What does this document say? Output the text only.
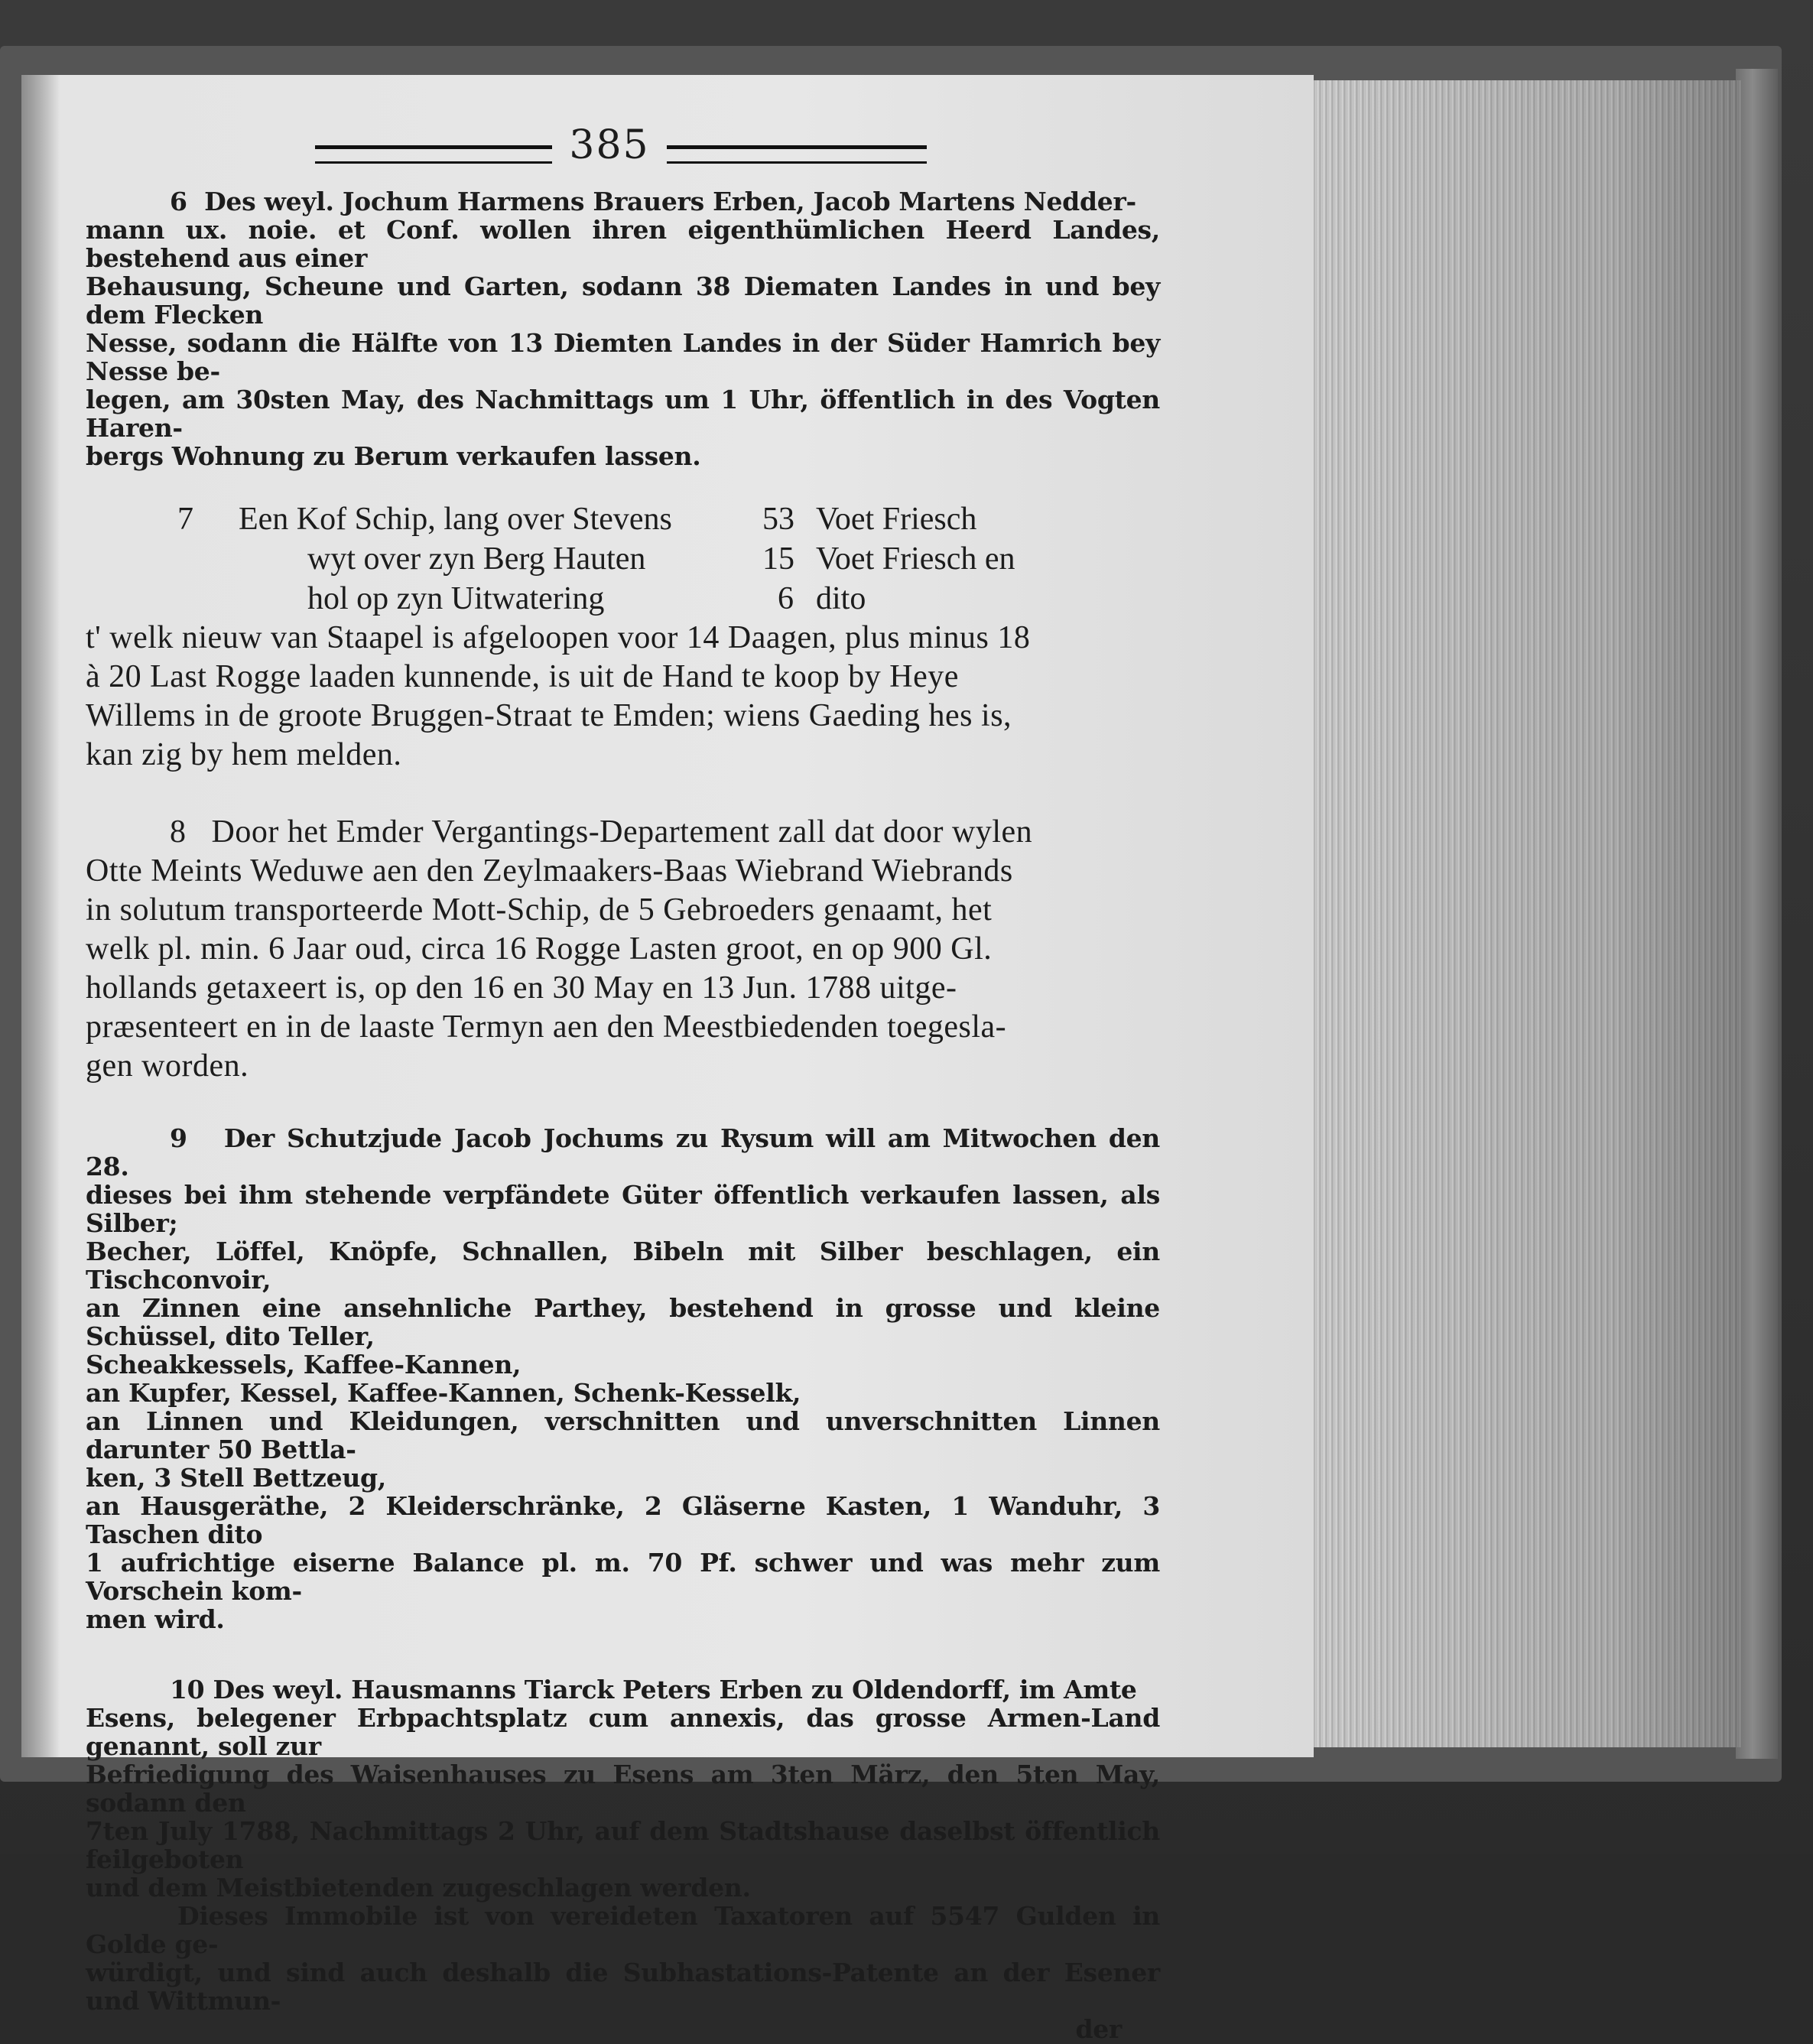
385
6 Des weyl. Jochum Harmens Brauers Erben, Jacob Martens Nedder-
mann ux. noie. et Conf. wollen ihren eigenthümlichen Heerd Landes, bestehend aus einer
Behausung, Scheune und Garten, sodann 38 Diematen Landes in und bey dem Flecken
Nesse, sodann die Hälfte von 13 Diemten Landes in der Süder Hamrich bey Nesse be-
legen, am 30sten May, des Nachmittags um 1 Uhr, öffentlich in des Vogten Haren-
bergs Wohnung zu Berum verkaufen lassen.
7 Een Kof Schip, lang over Stevens	53 Voet Friesch
wyt over zyn Berg Hauten	15 Voet Friesch en
hol op zyn Uitwatering	6 dito
t' welk nieuw van Staapel is afgeloopen voor 14 Daagen, plus minus 18
à 20 Last Rogge laaden kunnende, is uit de Hand te koop by Heye
Willems in de groote Bruggen-Straat te Emden; wiens Gaeding hes is,
kan zig by hem melden.
8 Door het Emder Vergantings-Departement zall dat door wylen
Otte Meints Weduwe aen den Zeylmaakers-Baas Wiebrand Wiebrands
in solutum transporteerde Mott-Schip, de 5 Gebroeders genaamt, het
welk pl. min. 6 Jaar oud, circa 16 Rogge Lasten groot, en op 900 Gl.
hollands getaxeert is, op den 16 en 30 May en 13 Jun. 1788 uitge-
præsenteert en in de laaste Termyn aen den Meestbiedenden toegesla-
gen worden.
9 Der Schutzjude Jacob Jochums zu Rysum will am Mitwochen den 28.
dieses bei ihm stehende verpfändete Güter öffentlich verkaufen lassen, als Silber;
Becher, Löffel, Knöpfe, Schnallen, Bibeln mit Silber beschlagen, ein Tischconvoir,
an Zinnen eine ansehnliche Parthey, bestehend in grosse und kleine Schüssel, dito Teller,
Scheakkessels, Kaffee-Kannen,
an Kupfer, Kessel, Kaffee-Kannen, Schenk-Kesselk,
an Linnen und Kleidungen, verschnitten und unverschnitten Linnen darunter 50 Bettla-
ken, 3 Stell Bettzeug,
an Hausgeräthe, 2 Kleiderschränke, 2 Gläserne Kasten, 1 Wanduhr, 3 Taschen dito
1 aufrichtige eiserne Balance pl. m. 70 Pf. schwer und was mehr zum Vorschein kom-
men wird.
10 Des weyl. Hausmanns Tiarck Peters Erben zu Oldendorff, im Amte
Esens, belegener Erbpachtsplatz cum annexis, das grosse Armen-Land genannt, soll zur
Befriedigung des Waisenhauses zu Esens am 3ten März, den 5ten May, sodann den
7ten July 1788, Nachmittags 2 Uhr, auf dem Stadtshause daselbst öffentlich feilgeboten
und dem Meistbietenden zugeschlagen werden.
Dieses Immobile ist von vereideten Taxatoren auf 5547 Gulden in Golde ge-
würdigt, und sind auch deshalb die Subhastations-Patente an der Esener und Wittmun-
der
